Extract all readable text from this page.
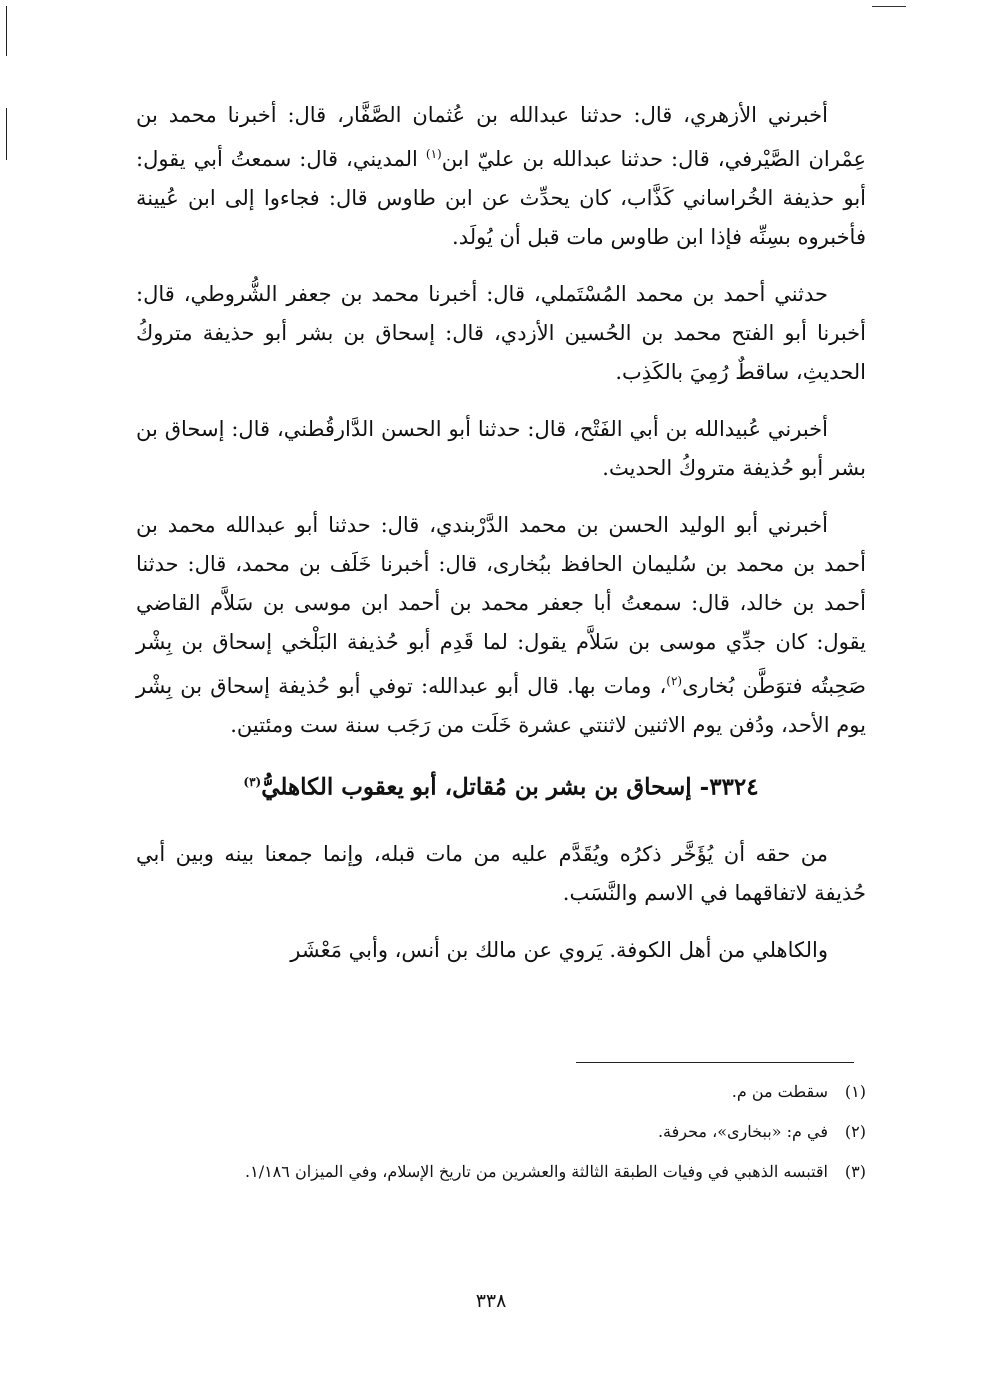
أخبرني الأزهري، قال: حدثنا عبدالله بن عُثمان الصَّفَّار، قال: أخبرنا محمد بن عِمْران الصَّيْرفي، قال: حدثنا عبدالله بن عليّ ابن$^{(١)}$ المديني، قال: سمعتُ أبي يقول: أبو حذيفة الخُراساني كَذَّاب، كان يحدِّث عن ابن طاوس قال: فجاءوا إلى ابن عُيينة فأخبروه بسِنِّه فإذا ابن طاوس مات قبل أن يُولَد.

حدثني أحمد بن محمد المُسْتَملي، قال: أخبرنا محمد بن جعفر الشُّروطي، قال: أخبرنا أبو الفتح محمد بن الحُسين الأزدي، قال: إسحاق بن بشر أبو حذيفة متروكُ الحديثِ، ساقطٌ رُمِيَ بالكَذِب.

أخبرني عُبيدالله بن أبي الفَتْح، قال: حدثنا أبو الحسن الدَّارقُطني، قال: إسحاق بن بشر أبو حُذيفة متروكُ الحديث.

أخبرني أبو الوليد الحسن بن محمد الدَّرْبندي، قال: حدثنا أبو عبدالله محمد بن أحمد بن محمد بن سُليمان الحافظ ببُخارى، قال: أخبرنا خَلَف بن محمد، قال: حدثنا أحمد بن خالد، قال: سمعتُ أبا جعفر محمد بن أحمد ابن موسى بن سَلاَّم القاضي يقول: كان جدِّي موسى بن سَلاَّم يقول: لما قَدِم أبو حُذيفة البَلْخي إسحاق بن بِشْر صَحِبتُه فتوَطَّن بُخارى$^{(٢)}$، ومات بها. قال أبو عبدالله: توفي أبو حُذيفة إسحاق بن بِشْر يوم الأحد، ودُفن يوم الاثنين لاثنتي عشرة خَلَت من رَجَب سنة ست ومئتين.

٣٣٢٤- إسحاق بن بشر بن مُقاتل، أبو يعقوب الكاهليُّ$^{(٣)}$

من حقه أن يُؤَخَّر ذكرُه ويُقَدَّم عليه من مات قبله، وإنما جمعنا بينه وبين أبي حُذيفة لاتفاقهما في الاسم والنَّسَب.

والكاهلي من أهل الكوفة. يَروي عن مالك بن أنس، وأبي مَعْشَر

(١)سقطت من م.

(٢)في م: «ببخارى»، محرفة.

(٣)اقتبسه الذهبي في وفيات الطبقة الثالثة والعشرين من تاريخ الإسلام، وفي الميزان ١/١٨٦.

٣٣٨
